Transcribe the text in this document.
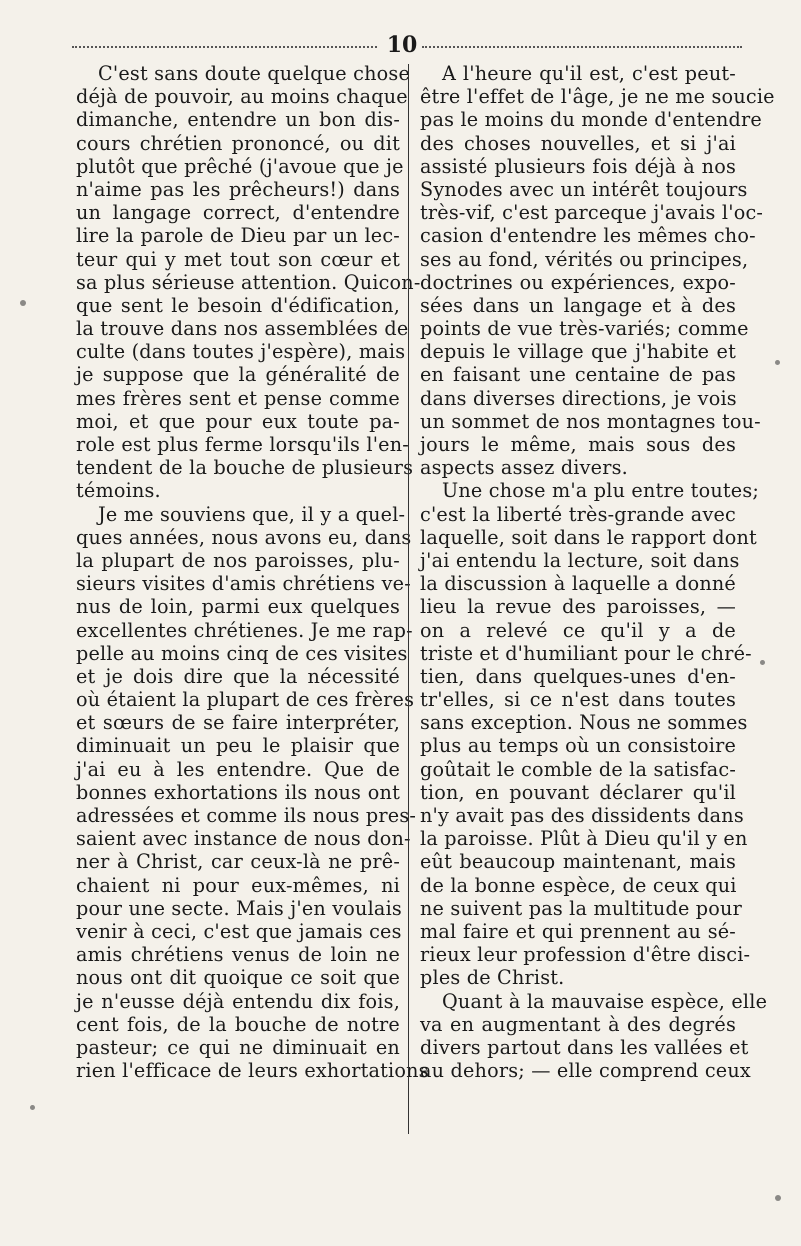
10
C'est sans doute quelque chose
déjà de pouvoir, au moins chaque
dimanche, entendre un bon dis-
cours chrétien prononcé, ou dit
plutôt que prêché (j'avoue que je
n'aime pas les prêcheurs!) dans
un langage correct, d'entendre
lire la parole de Dieu par un lec-
teur qui y met tout son cœur et
sa plus sérieuse attention. Quicon-
que sent le besoin d'édification,
la trouve dans nos assemblées de
culte (dans toutes j'espère), mais
je suppose que la généralité de
mes frères sent et pense comme
moi, et que pour eux toute pa-
role est plus ferme lorsqu'ils l'en-
tendent de la bouche de plusieurs
témoins.
Je me souviens que, il y a quel-
ques années, nous avons eu, dans
la plupart de nos paroisses, plu-
sieurs visites d'amis chrétiens ve-
nus de loin, parmi eux quelques
excellentes chrétienes. Je me rap-
pelle au moins cinq de ces visites
et je dois dire que la nécessité
où étaient la plupart de ces frères
et sœurs de se faire interpréter,
diminuait un peu le plaisir que
j'ai eu à les entendre. Que de
bonnes exhortations ils nous ont
adressées et comme ils nous pres-
saient avec instance de nous don-
ner à Christ, car ceux-là ne prê-
chaient ni pour eux-mêmes, ni
pour une secte. Mais j'en voulais
venir à ceci, c'est que jamais ces
amis chrétiens venus de loin ne
nous ont dit quoique ce soit que
je n'eusse déjà entendu dix fois,
cent fois, de la bouche de notre
pasteur; ce qui ne diminuait en
rien l'efficace de leurs exhortations
A l'heure qu'il est, c'est peut-
être l'effet de l'âge, je ne me soucie
pas le moins du monde d'entendre
des choses nouvelles, et si j'ai
assisté plusieurs fois déjà à nos
Synodes avec un intérêt toujours
très-vif, c'est parceque j'avais l'oc-
casion d'entendre les mêmes cho-
ses au fond, vérités ou principes,
doctrines ou expériences, expo-
sées dans un langage et à des
points de vue très-variés; comme
depuis le village que j'habite et
en faisant une centaine de pas
dans diverses directions, je vois
un sommet de nos montagnes tou-
jours le même, mais sous des
aspects assez divers.
Une chose m'a plu entre toutes;
c'est la liberté très-grande avec
laquelle, soit dans le rapport dont
j'ai entendu la lecture, soit dans
la discussion à laquelle a donné
lieu la revue des paroisses, —
on a relevé ce qu'il y a de
triste et d'humiliant pour le chré-
tien, dans quelques-unes d'en-
tr'elles, si ce n'est dans toutes
sans exception. Nous ne sommes
plus au temps où un consistoire
goûtait le comble de la satisfac-
tion, en pouvant déclarer qu'il
n'y avait pas des dissidents dans
la paroisse. Plût à Dieu qu'il y en
eût beaucoup maintenant, mais
de la bonne espèce, de ceux qui
ne suivent pas la multitude pour
mal faire et qui prennent au sé-
rieux leur profession d'être disci-
ples de Christ.
Quant à la mauvaise espèce, elle
va en augmentant à des degrés
divers partout dans les vallées et
au dehors; — elle comprend ceux
